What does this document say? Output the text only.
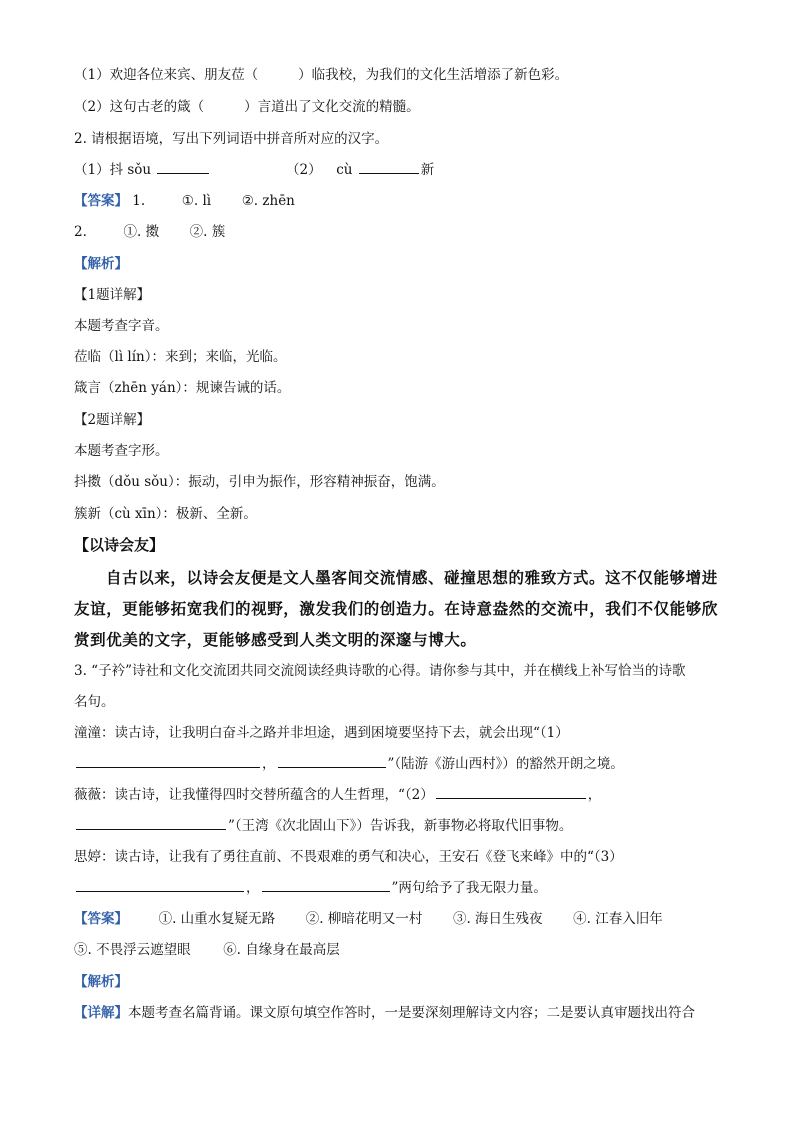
（1）欢迎各位来宾、朋友莅（	）临我校，为我们的文化生活增添了新色彩。
（2）这句古老的箴（	）言道出了文化交流的精髓。
2. 请根据语境，写出下列词语中拼音所对应的汉字。
（1）抖 sǒu	（2） cù	新
【答案】 1.	①. lì ②. zhēn
2.	①. 擞 ②. 簇
【解析】
【1题详解】
本题考查字音。
莅临（lì lín）：来到；来临，光临。
箴言（zhēn yán）：规谏告诫的话。
【2题详解】
本题考查字形。
抖擞（dǒu sǒu）：振动，引申为振作，形容精神振奋，饱满。
簇新（cù xīn）：极新、全新。
【以诗会友】
自古以来，以诗会友便是文人墨客间交流情感、碰撞思想的雅致方式。这不仅能够增进
友谊，更能够拓宽我们的视野，激发我们的创造力。在诗意盎然的交流中，我们不仅能够欣
赏到优美的文字，更能够感受到人类文明的深邃与博大。
3. “子衿”诗社和文化交流团共同交流阅读经典诗歌的心得。请你参与其中，并在横线上补写恰当的诗歌
名句。
潼潼：读古诗，让我明白奋斗之路并非坦途，遇到困境要坚持下去，就会出现“（1）
，	”（陆游《游山西村》）的豁然开朗之境。
薇薇：读古诗，让我懂得四时交替所蕴含的人生哲理，“（2）	，
”（王湾《次北固山下》）告诉我，新事物必将取代旧事物。
思婷：读古诗，让我有了勇往直前、不畏艰难的勇气和决心，王安石《登飞来峰》中的“（3）
，	”两句给予了我无限力量。
【答案】 ①. 山重水复疑无路 ②. 柳暗花明又一村 ③. 海日生残夜 ④. 江春入旧年
⑤. 不畏浮云遮望眼 ⑥. 自缘身在最高层
【解析】
【详解】本题考查名篇背诵。课文原句填空作答时，一是要深刻理解诗文内容；二是要认真审题找出符合
